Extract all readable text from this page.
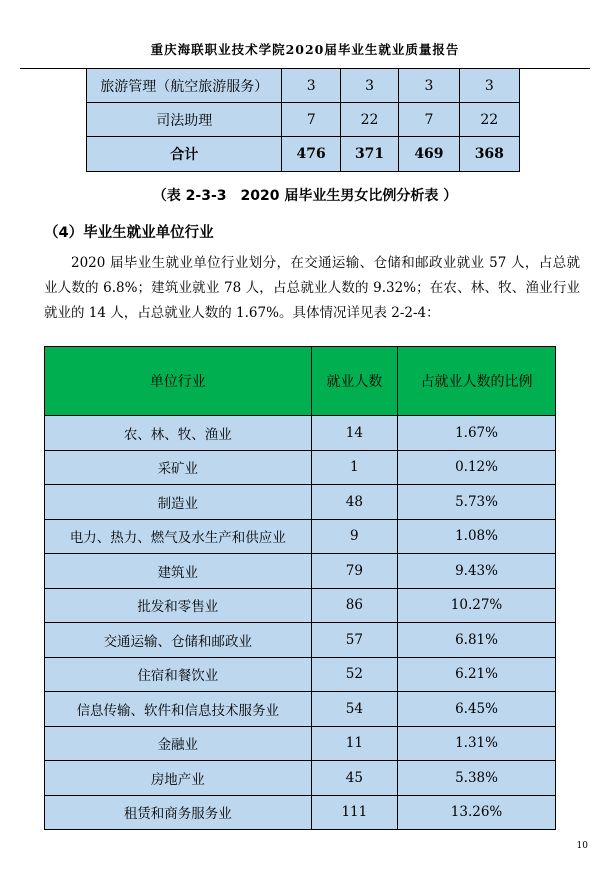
重庆海联职业技术学院2020届毕业生就业质量报告
旅游管理（航空旅游服务）	3	3	3	3
司法助理	7	22	7	22
合计	476	371	469	368
（表 2-3-3　2020 届毕业生男女比例分析表 ）
（4）毕业生就业单位行业
2020 届毕业生就业单位行业划分，在交通运输、仓储和邮政业就业 57 人，占总就业人数的 6.8%；建筑业就业 78 人，占总就业人数的 9.32%；在农、林、牧、渔业行业就业的 14 人，占总就业人数的 1.67%。具体情况详见表 2-2-4：
单位行业	就业人数	占就业人数的比例
农、林、牧、渔业	14	1.67%
采矿业	1	0.12%
制造业	48	5.73%
电力、热力、燃气及水生产和供应业	9	1.08%
建筑业	79	9.43%
批发和零售业	86	10.27%
交通运输、仓储和邮政业	57	6.81%
住宿和餐饮业	52	6.21%
信息传输、软件和信息技术服务业	54	6.45%
金融业	11	1.31%
房地产业	45	5.38%
租赁和商务服务业	111	13.26%
10
